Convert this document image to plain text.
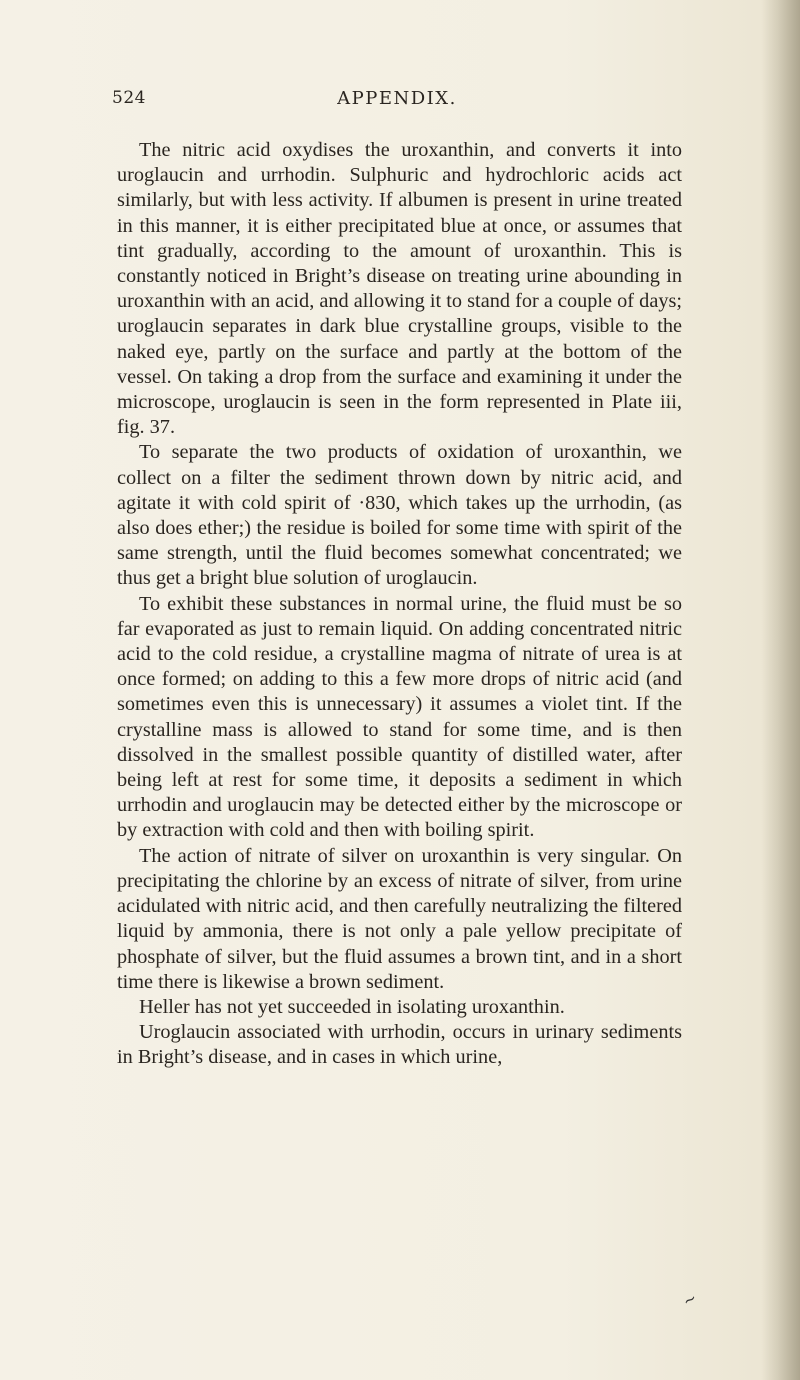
524	APPENDIX.

The nitric acid oxydises the uroxanthin, and converts it into uroglaucin and urrhodin. Sulphuric and hydrochloric acids act similarly, but with less activity. If albumen is present in urine treated in this manner, it is either precipitated blue at once, or assumes that tint gradually, according to the amount of uroxanthin. This is constantly noticed in Bright’s disease on treating urine abounding in uroxanthin with an acid, and allowing it to stand for a couple of days; uroglaucin separates in dark blue crystalline groups, visible to the naked eye, partly on the surface and partly at the bottom of the vessel. On taking a drop from the surface and examining it under the microscope, uroglaucin is seen in the form represented in Plate iii, fig. 37.

To separate the two products of oxidation of uroxanthin, we collect on a filter the sediment thrown down by nitric acid, and agitate it with cold spirit of ·830, which takes up the urrhodin, (as also does ether;) the residue is boiled for some time with spirit of the same strength, until the fluid becomes somewhat concentrated; we thus get a bright blue solution of uroglaucin.

To exhibit these substances in normal urine, the fluid must be so far evaporated as just to remain liquid. On adding concentrated nitric acid to the cold residue, a crystalline magma of nitrate of urea is at once formed; on adding to this a few more drops of nitric acid (and sometimes even this is unnecessary) it assumes a violet tint. If the crystalline mass is allowed to stand for some time, and is then dissolved in the smallest possible quantity of distilled water, after being left at rest for some time, it deposits a sediment in which urrhodin and uroglaucin may be detected either by the microscope or by extraction with cold and then with boiling spirit.

The action of nitrate of silver on uroxanthin is very singular. On precipitating the chlorine by an excess of nitrate of silver, from urine acidulated with nitric acid, and then carefully neutralizing the filtered liquid by ammonia, there is not only a pale yellow precipitate of phosphate of silver, but the fluid assumes a brown tint, and in a short time there is likewise a brown sediment.

Heller has not yet succeeded in isolating uroxanthin.

Uroglaucin associated with urrhodin, occurs in urinary sediments in Bright’s disease, and in cases in which urine,

~
